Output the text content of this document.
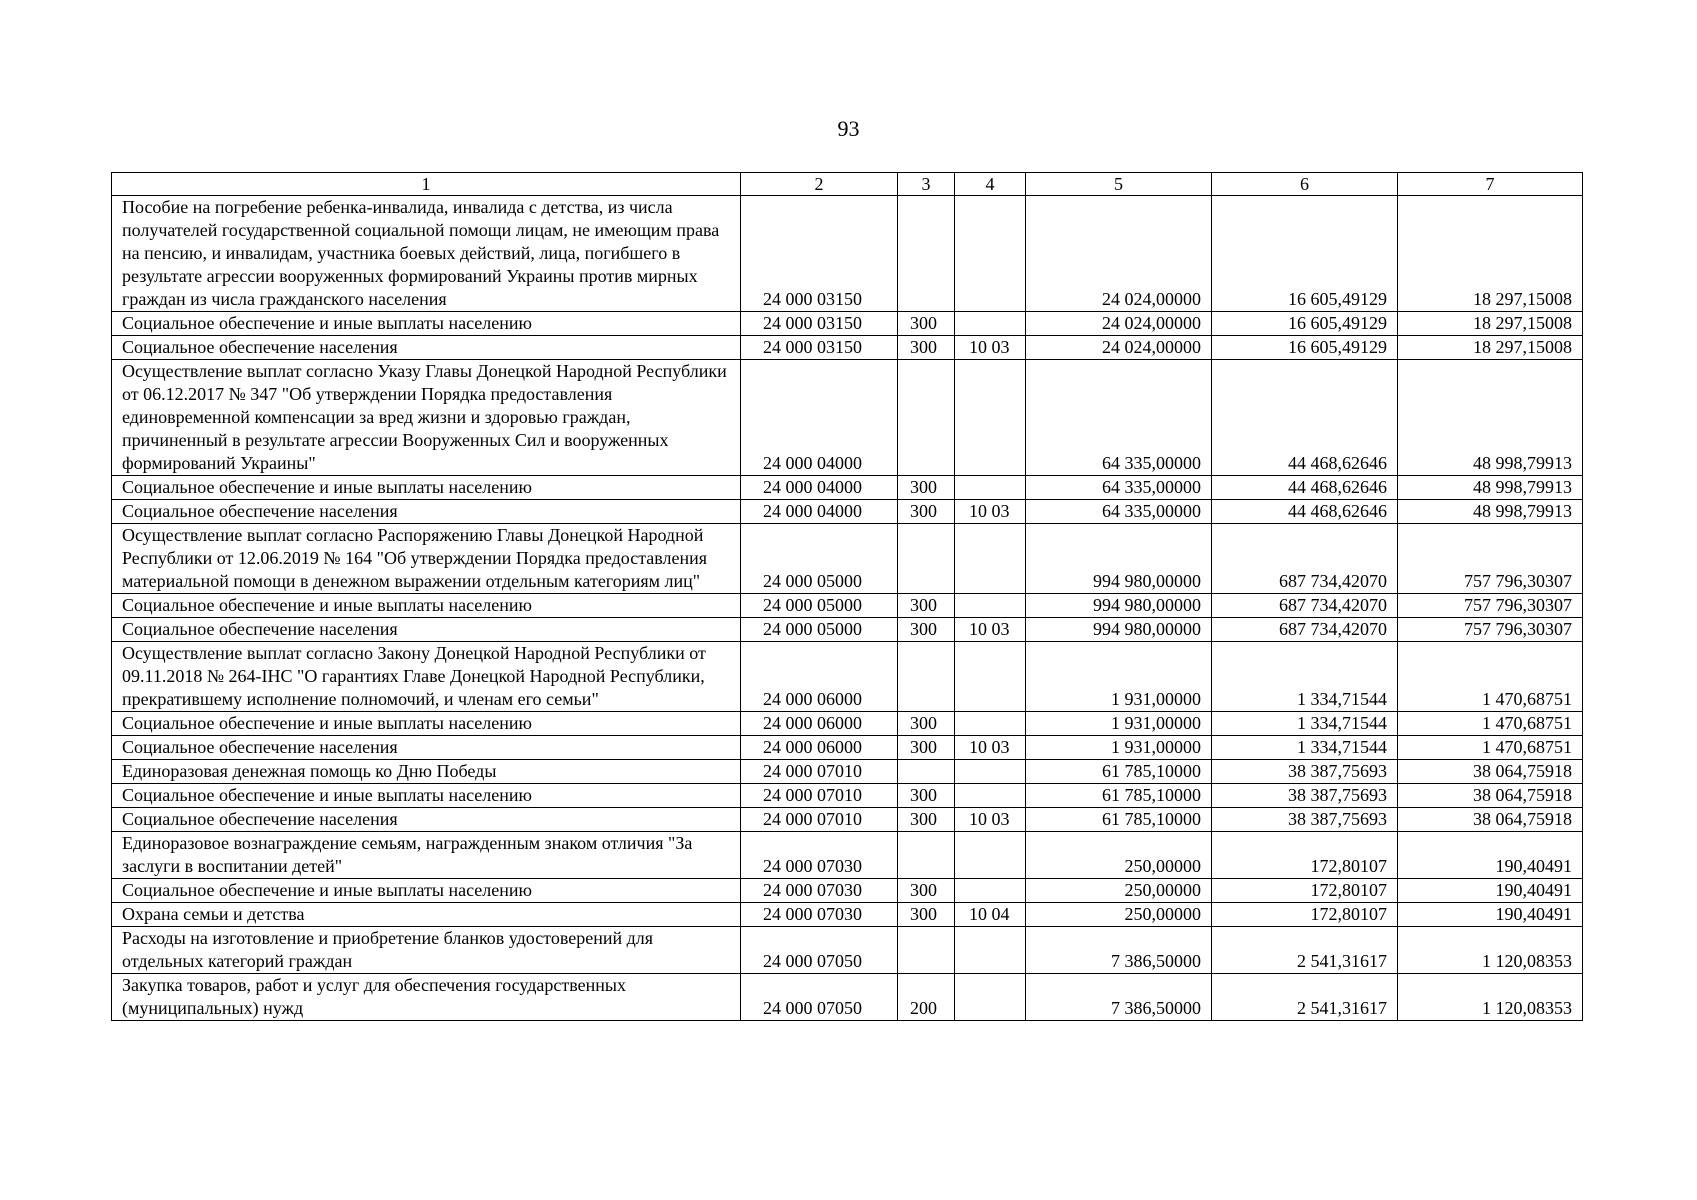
93
1	2	3	4	5	6	7
Пособие на погребение ребенка-инвалида, инвалида с детства, из числа получателей государственной социальной помощи лицам, не имеющим права на пенсию, и инвалидам, участника боевых действий, лица, погибшего в результате агрессии вооруженных формирований Украины против мирных граждан из числа гражданского населения	24 000 03150			24 024,00000	16 605,49129	18 297,15008
Социальное обеспечение и иные выплаты населению	24 000 03150	300		24 024,00000	16 605,49129	18 297,15008
Социальное обеспечение населения	24 000 03150	300	10 03	24 024,00000	16 605,49129	18 297,15008
Осуществление выплат согласно Указу Главы Донецкой Народной Республики от 06.12.2017 № 347 "Об утверждении Порядка предоставления единовременной компенсации за вред жизни и здоровью граждан, причиненный в результате агрессии Вооруженных Сил и вооруженных формирований Украины"	24 000 04000			64 335,00000	44 468,62646	48 998,79913
Социальное обеспечение и иные выплаты населению	24 000 04000	300		64 335,00000	44 468,62646	48 998,79913
Социальное обеспечение населения	24 000 04000	300	10 03	64 335,00000	44 468,62646	48 998,79913
Осуществление выплат согласно Распоряжению Главы Донецкой Народной Республики от 12.06.2019 № 164 "Об утверждении Порядка предоставления материальной помощи в денежном выражении отдельным категориям лиц"	24 000 05000			994 980,00000	687 734,42070	757 796,30307
Социальное обеспечение и иные выплаты населению	24 000 05000	300		994 980,00000	687 734,42070	757 796,30307
Социальное обеспечение населения	24 000 05000	300	10 03	994 980,00000	687 734,42070	757 796,30307
Осуществление выплат согласно Закону Донецкой Народной Республики от 09.11.2018 № 264-IНС "О гарантиях Главе Донецкой Народной Республики, прекратившему исполнение полномочий, и членам его семьи"	24 000 06000			1 931,00000	1 334,71544	1 470,68751
Социальное обеспечение и иные выплаты населению	24 000 06000	300		1 931,00000	1 334,71544	1 470,68751
Социальное обеспечение населения	24 000 06000	300	10 03	1 931,00000	1 334,71544	1 470,68751
Единоразовая денежная помощь ко Дню Победы	24 000 07010			61 785,10000	38 387,75693	38 064,75918
Социальное обеспечение и иные выплаты населению	24 000 07010	300		61 785,10000	38 387,75693	38 064,75918
Социальное обеспечение населения	24 000 07010	300	10 03	61 785,10000	38 387,75693	38 064,75918
Единоразовое вознаграждение семьям, награжденным знаком отличия "За заслуги в воспитании детей"	24 000 07030			250,00000	172,80107	190,40491
Социальное обеспечение и иные выплаты населению	24 000 07030	300		250,00000	172,80107	190,40491
Охрана семьи и детства	24 000 07030	300	10 04	250,00000	172,80107	190,40491
Расходы на изготовление и приобретение бланков удостоверений для отдельных категорий граждан	24 000 07050			7 386,50000	2 541,31617	1 120,08353
Закупка товаров, работ и услуг для обеспечения государственных (муниципальных) нужд	24 000 07050	200		7 386,50000	2 541,31617	1 120,08353
